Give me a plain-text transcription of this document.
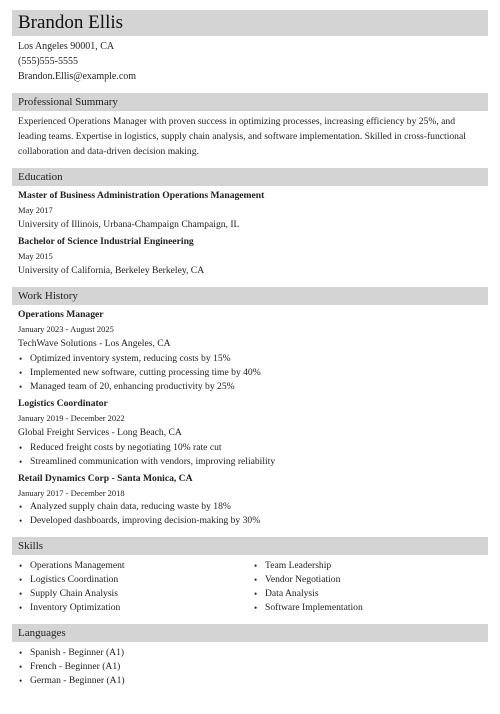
Brandon Ellis
Los Angeles 90001, CA
(555)555-5555
Brandon.Ellis@example.com
Professional Summary
Experienced Operations Manager with proven success in optimizing processes, increasing efficiency by 25%, and leading teams. Expertise in logistics, supply chain analysis, and software implementation. Skilled in cross-functional collaboration and data-driven decision making.
Education
Master of Business Administration Operations Management
May 2017
University of Illinois, Urbana-Champaign Champaign, IL
Bachelor of Science Industrial Engineering
May 2015
University of California, Berkeley Berkeley, CA
Work History
Operations Manager
January 2023 - August 2025
TechWave Solutions - Los Angeles, CA
• Optimized inventory system, reducing costs by 15%
• Implemented new software, cutting processing time by 40%
• Managed team of 20, enhancing productivity by 25%
Logistics Coordinator
January 2019 - December 2022
Global Freight Services - Long Beach, CA
• Reduced freight costs by negotiating 10% rate cut
• Streamlined communication with vendors, improving reliability
Retail Dynamics Corp - Santa Monica, CA
January 2017 - December 2018
• Analyzed supply chain data, reducing waste by 18%
• Developed dashboards, improving decision-making by 30%
Skills
• Operations Management
• Logistics Coordination
• Supply Chain Analysis
• Inventory Optimization
• Team Leadership
• Vendor Negotiation
• Data Analysis
• Software Implementation
Languages
• Spanish - Beginner (A1)
• French - Beginner (A1)
• German - Beginner (A1)
